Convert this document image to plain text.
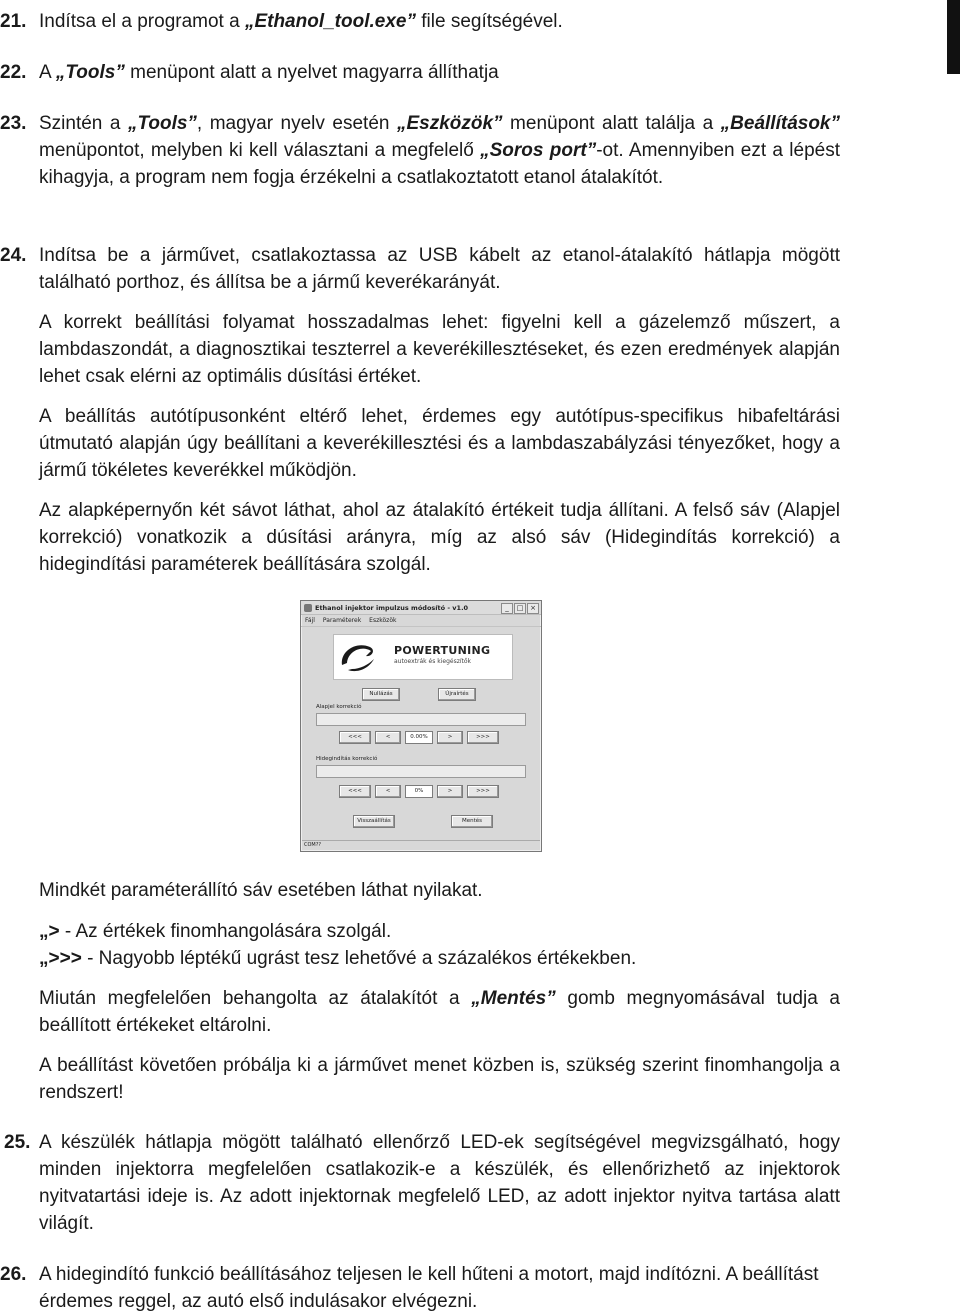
21. Indítsa el a programot a „Ethanol_tool.exe” file segítségével.

22. A „Tools” menüpont alatt a nyelvet magyarra állíthatja

23. Szintén a „Tools”, magyar nyelv esetén „Eszközök” menüpont alatt találja a „Beállítások” menüpontot, melyben ki kell választani a megfelelő „Soros port”-ot. Amennyiben ezt a lépést kihagyja, a program nem fogja érzékelni a csatlakoztatott etanol átalakítót.

24. Indítsa be a járművet, csatlakoztassa az USB kábelt az etanol-átalakító hátlapja mögött található porthoz, és állítsa be a jármű keverékarányát.

A korrekt beállítási folyamat hosszadalmas lehet: figyelni kell a gázelemző műszert, a lambdaszondát, a diagnosztikai teszterrel a keverékillesztéseket, és ezen eredmények alapján lehet csak elérni az optimális dúsítási értéket.

A beállítás autótípusonként eltérő lehet, érdemes egy autótípus-specifikus hibafeltárási útmutató alapján úgy beállítani a keverékillesztési és a lambdaszabályzási tényezőket, hogy a jármű tökéletes keverékkel működjön.

Az alapképernyőn két sávot láthat, ahol az átalakító értékeit tudja állítani. A felső sáv (Alapjel korrekció) vonatkozik a dúsítási arányra, míg az alsó sáv (Hidegindítás korrekció) a hidegindítási paraméterek beállítására szolgál.

Ethanol injektor impulzus módosító - v1.0	_	□ ×
Fájl Paraméterek Eszközök
POWERTUNING
autoextrák és kiegészítők
Nullázás	Újraírtés
Alapjel korrekció
<<<	<	0.00%	>	>>>
Hidegindítás korrekció
<<<	<	0%	>	>>>
Visszaállítás	Mentés
COM??

Mindkét paraméterállító sáv esetében láthat nyilakat.

„> - Az értékek finomhangolására szolgál.
„>>> - Nagyobb léptékű ugrást tesz lehetővé a százalékos értékekben.

Miután megfelelően behangolta az átalakítót a „Mentés” gomb megnyomásával tudja a beállított értékeket eltárolni.

A beállítást követően próbálja ki a járművet menet közben is, szükség szerint finomhangolja a rendszert!

25. A készülék hátlapja mögött található ellenőrző LED-ek segítségével megvizsgálható, hogy minden injektorra megfelelően csatlakozik-e a készülék, és ellenőrizhető az injektorok nyitvatartási ideje is. Az adott injektornak megfelelő LED, az adott injektor nyitva tartása alatt világít.

26. A hidegindító funkció beállításához teljesen le kell hűteni a motort, majd indítózni. A beállítást érdemes reggel, az autó első indulásakor elvégezni.
